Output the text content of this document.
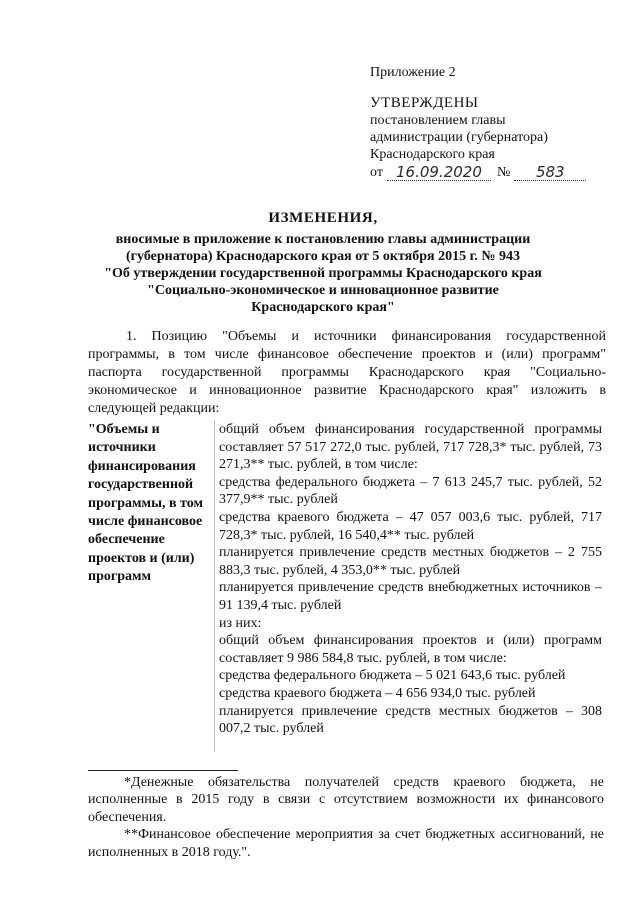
Приложение 2
УТВЕРЖДЕНЫ
постановлением главы
администрации (губернатора)
Краснодарского края
от 16.09.2020	№	583
ИЗМЕНЕНИЯ,
вносимые в приложение к постановлению главы администрации
(губернатора) Краснодарского края от 5 октября 2015 г. № 943
"Об утверждении государственной программы Краснодарского края
"Социально-экономическое и инновационное развитие
Краснодарского края"
1. Позицию "Объемы и источники финансирования государственной программы, в том числе финансовое обеспечение проектов и (или) программ" паспорта государственной программы Краснодарского края "Социально-экономическое и инновационное развитие Краснодарского края" изложить в следующей редакции:
"Объемы и источники финансирования государственной программы, в том числе финансовое обеспечение проектов и (или) программ

общий объем финансирования государственной программы составляет 57 517 272,0 тыс. рублей, 717 728,3* тыс. рублей, 73 271,3** тыс. рублей, в том числе:

средства федерального бюджета – 7 613 245,7 тыс. рублей, 52 377,9** тыс. рублей

средства краевого бюджета – 47 057 003,6 тыс. рублей, 717 728,3* тыс. рублей, 16 540,4** тыс. рублей

планируется привлечение средств местных бюджетов – 2 755 883,3 тыс. рублей, 4 353,0** тыс. рублей

планируется привлечение средств внебюджетных источников – 91 139,4 тыс. рублей

из них:

общий объем финансирования проектов и (или) программ составляет 9 986 584,8 тыс. рублей, в том числе:

средства федерального бюджета – 5 021 643,6 тыс. рублей

средства краевого бюджета – 4 656 934,0 тыс. рублей

планируется привлечение средств местных бюджетов – 308 007,2 тыс. рублей

*Денежные обязательства получателей средств краевого бюджета, не исполненные в 2015 году в связи с отсутствием возможности их финансового обеспечения.

**Финансовое обеспечение мероприятия за счет бюджетных ассигнований, не исполненных в 2018 году.".
